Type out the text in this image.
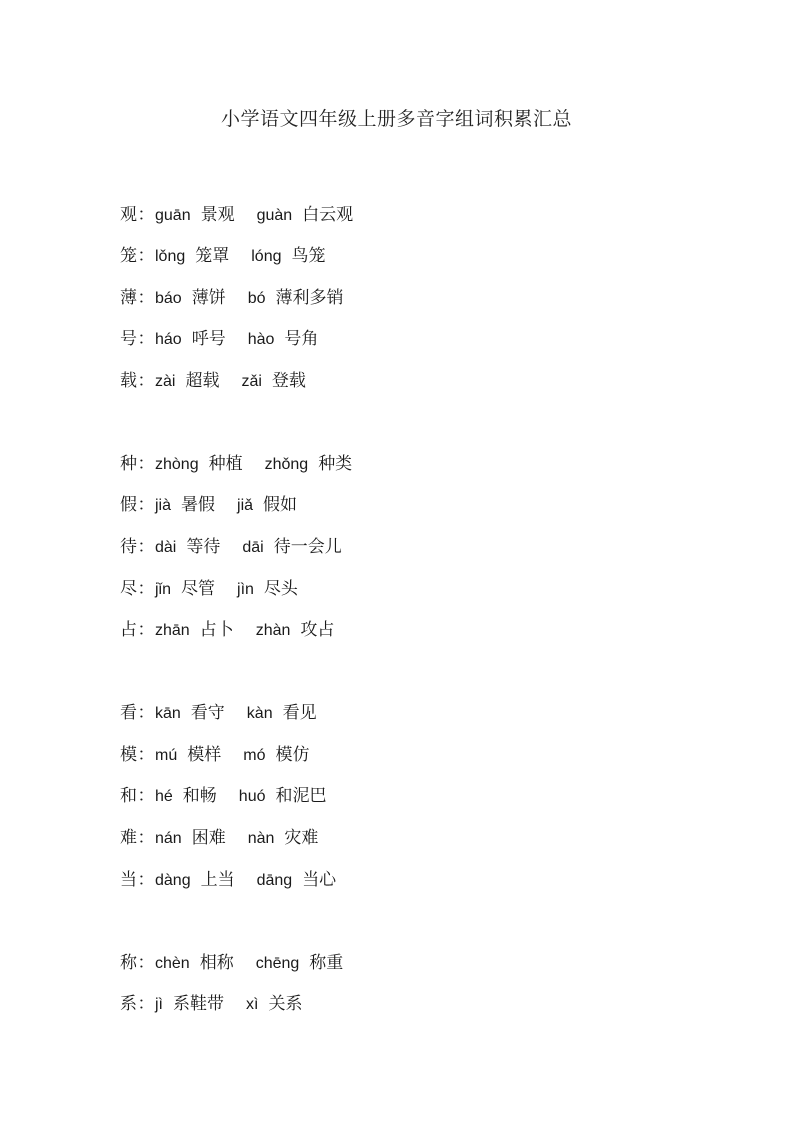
小学语文四年级上册多音字组词积累汇总
观：guān 景观 guàn 白云观
笼：lǒng 笼罩 lóng 鸟笼
薄：báo 薄饼 bó 薄利多销
号：háo 呼号 hào 号角
载：zài 超载 zǎi 登载
种：zhòng 种植 zhǒng 种类
假：jià 暑假 jiǎ 假如
待：dài 等待 dāi 待一会儿
尽：jǐn 尽管 jìn 尽头
占：zhān 占卜 zhàn 攻占
看：kān 看守 kàn 看见
模：mú 模样 mó 模仿
和：hé 和畅 huó 和泥巴
难：nán 困难 nàn 灾难
当：dàng 上当 dāng 当心
称：chèn 相称 chēng 称重
系：jì 系鞋带 xì 关系
